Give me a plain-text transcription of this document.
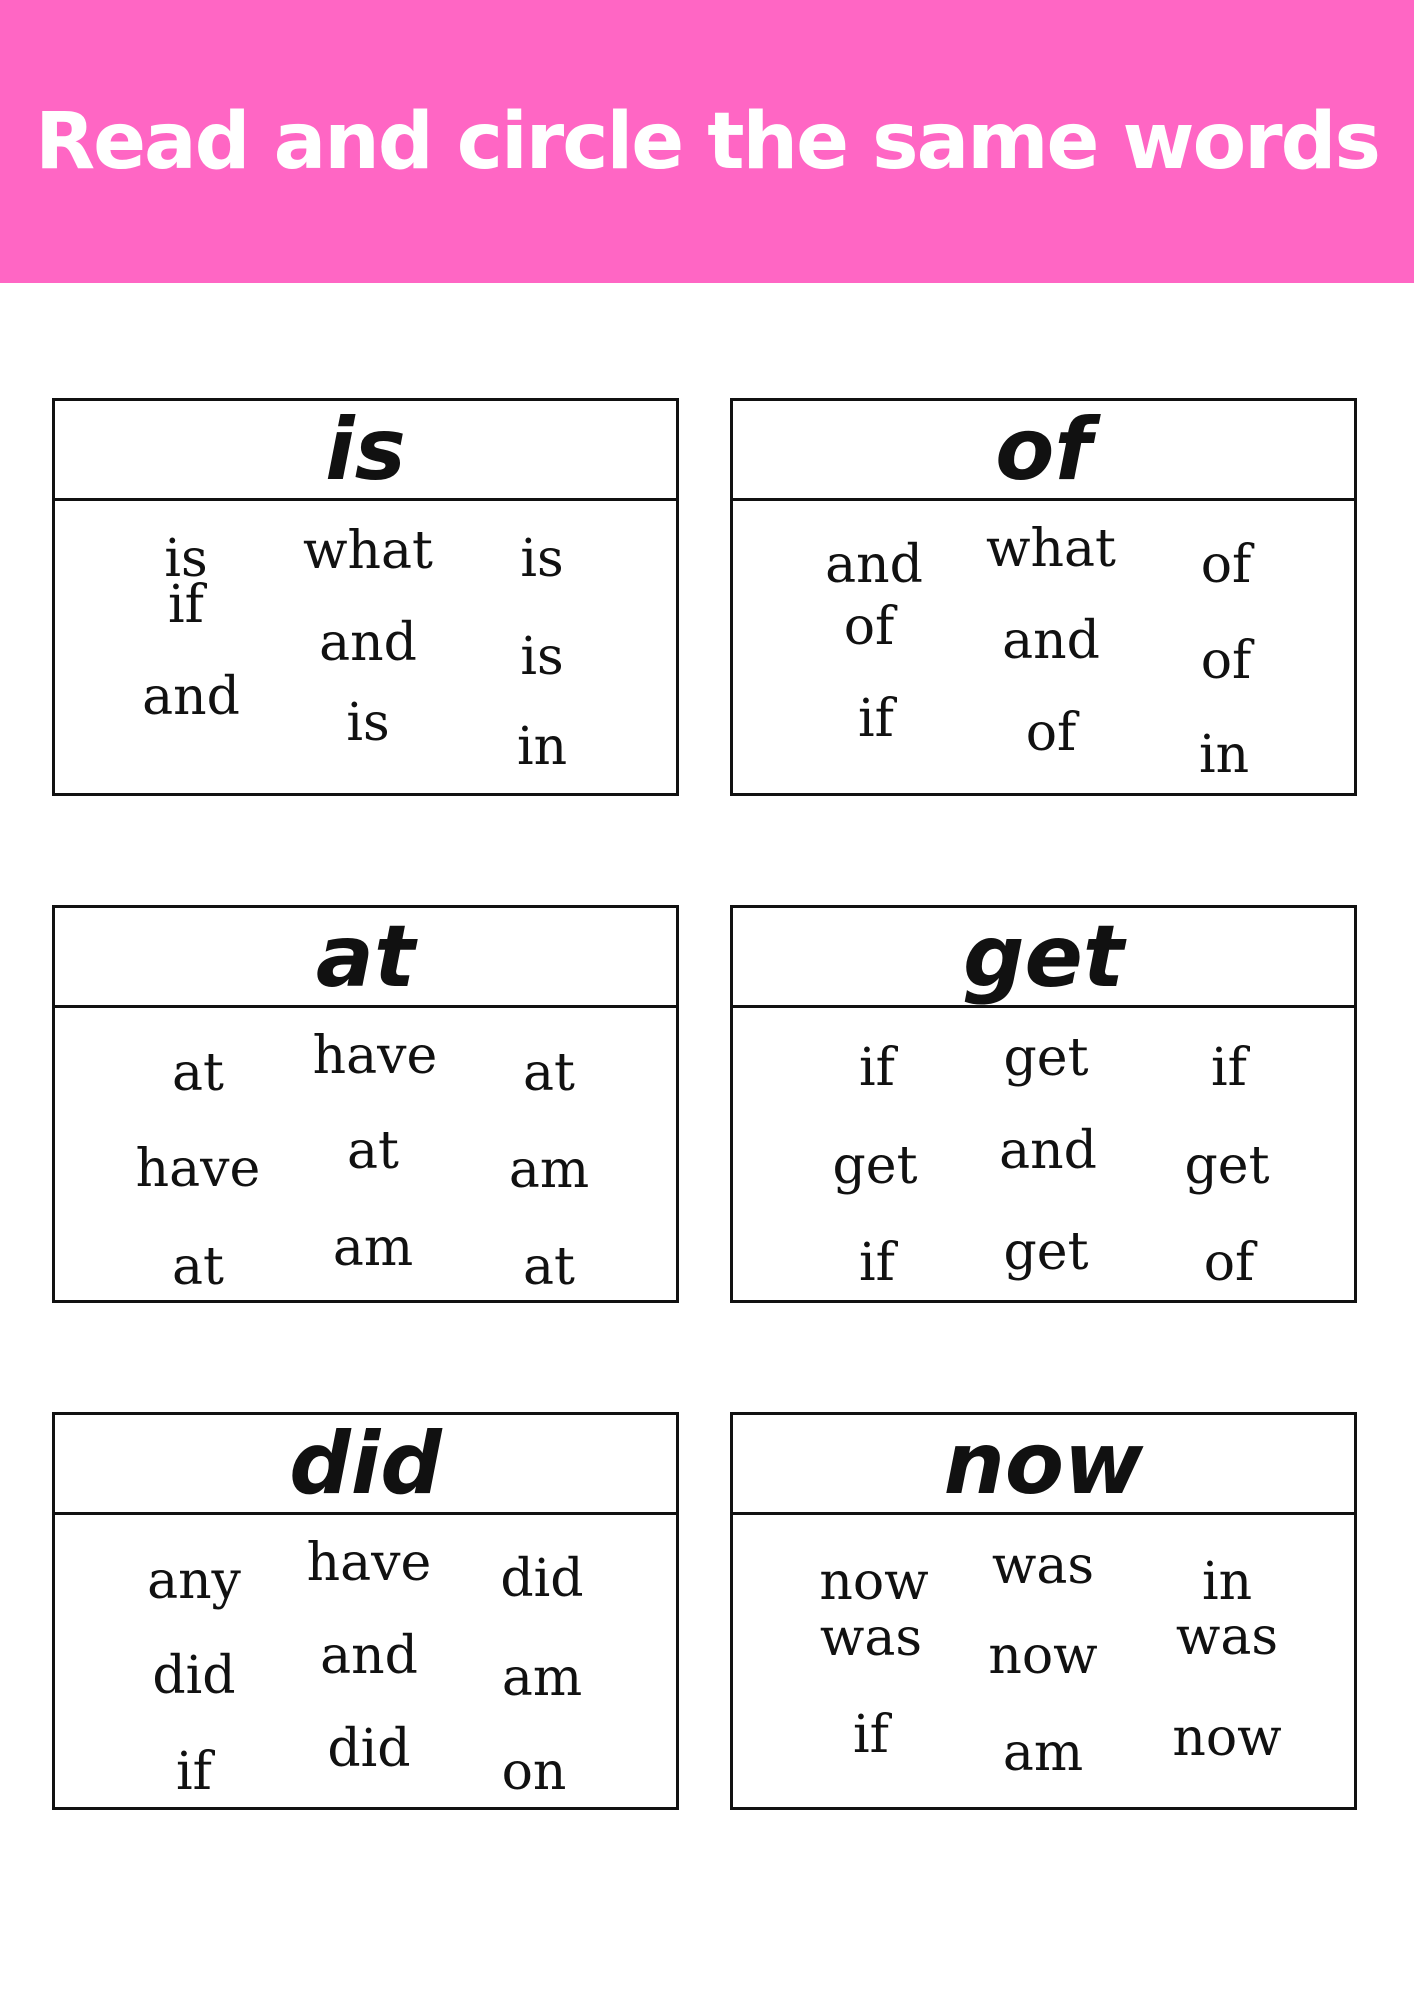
Read and circle the same words
is
is
if
and
what
and
is
is
is
in
of
and
of
if
what
and
of
of
of
in
at
at
have
at
have
at
am
at
am
at
get
if
get
if
get
and
get
if
get
of
did
any
did
if
have
and
did
did
am
on
now
now
was
if
was
now
am
in
was
now
